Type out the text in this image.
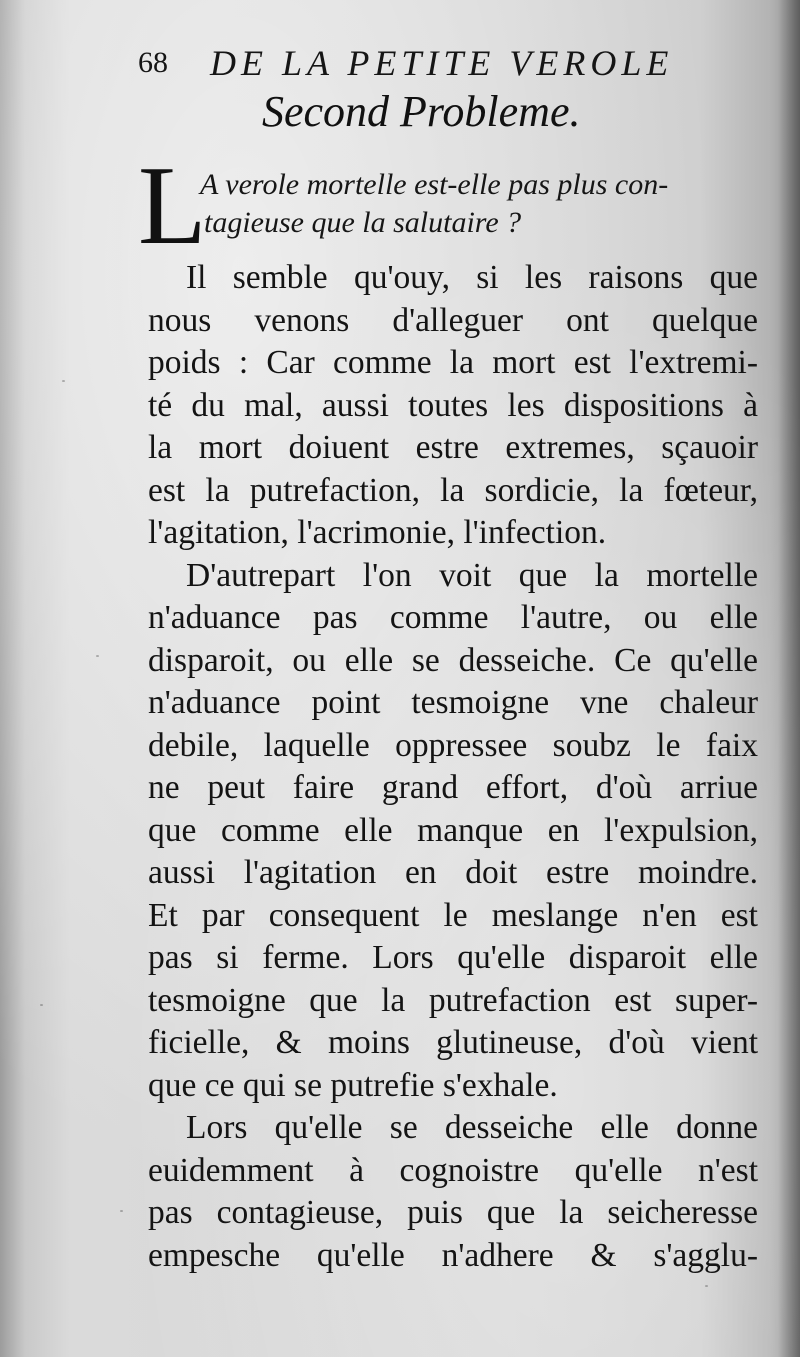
68 DE LA PETITE VEROLE
Second Probleme.
L
A verole mortelle est-elle pas plus con-
tagieuse que la salutaire ?
Il semble qu'ouy, si les raisons que
nous venons d'alleguer ont quelque
poids : Car comme la mort est l'extremi-
té du mal, aussi toutes les dispositions à
la mort doiuent estre extremes, sçauoir
est la putrefaction, la sordicie, la fœteur,
l'agitation, l'acrimonie, l'infection.
D'autrepart l'on voit que la mortelle
n'aduance pas comme l'autre, ou elle
disparoit, ou elle se desseiche. Ce qu'elle
n'aduance point tesmoigne vne chaleur
debile, laquelle oppressee soubz le faix
ne peut faire grand effort, d'où arriue
que comme elle manque en l'expulsion,
aussi l'agitation en doit estre moindre.
Et par consequent le meslange n'en est
pas si ferme. Lors qu'elle disparoit elle
tesmoigne que la putrefaction est super-
ficielle, & moins glutineuse, d'où vient
que ce qui se putrefie s'exhale.
Lors qu'elle se desseiche elle donne
euidemment à cognoistre qu'elle n'est
pas contagieuse, puis que la seicheresse
empesche qu'elle n'adhere & s'agglu-
